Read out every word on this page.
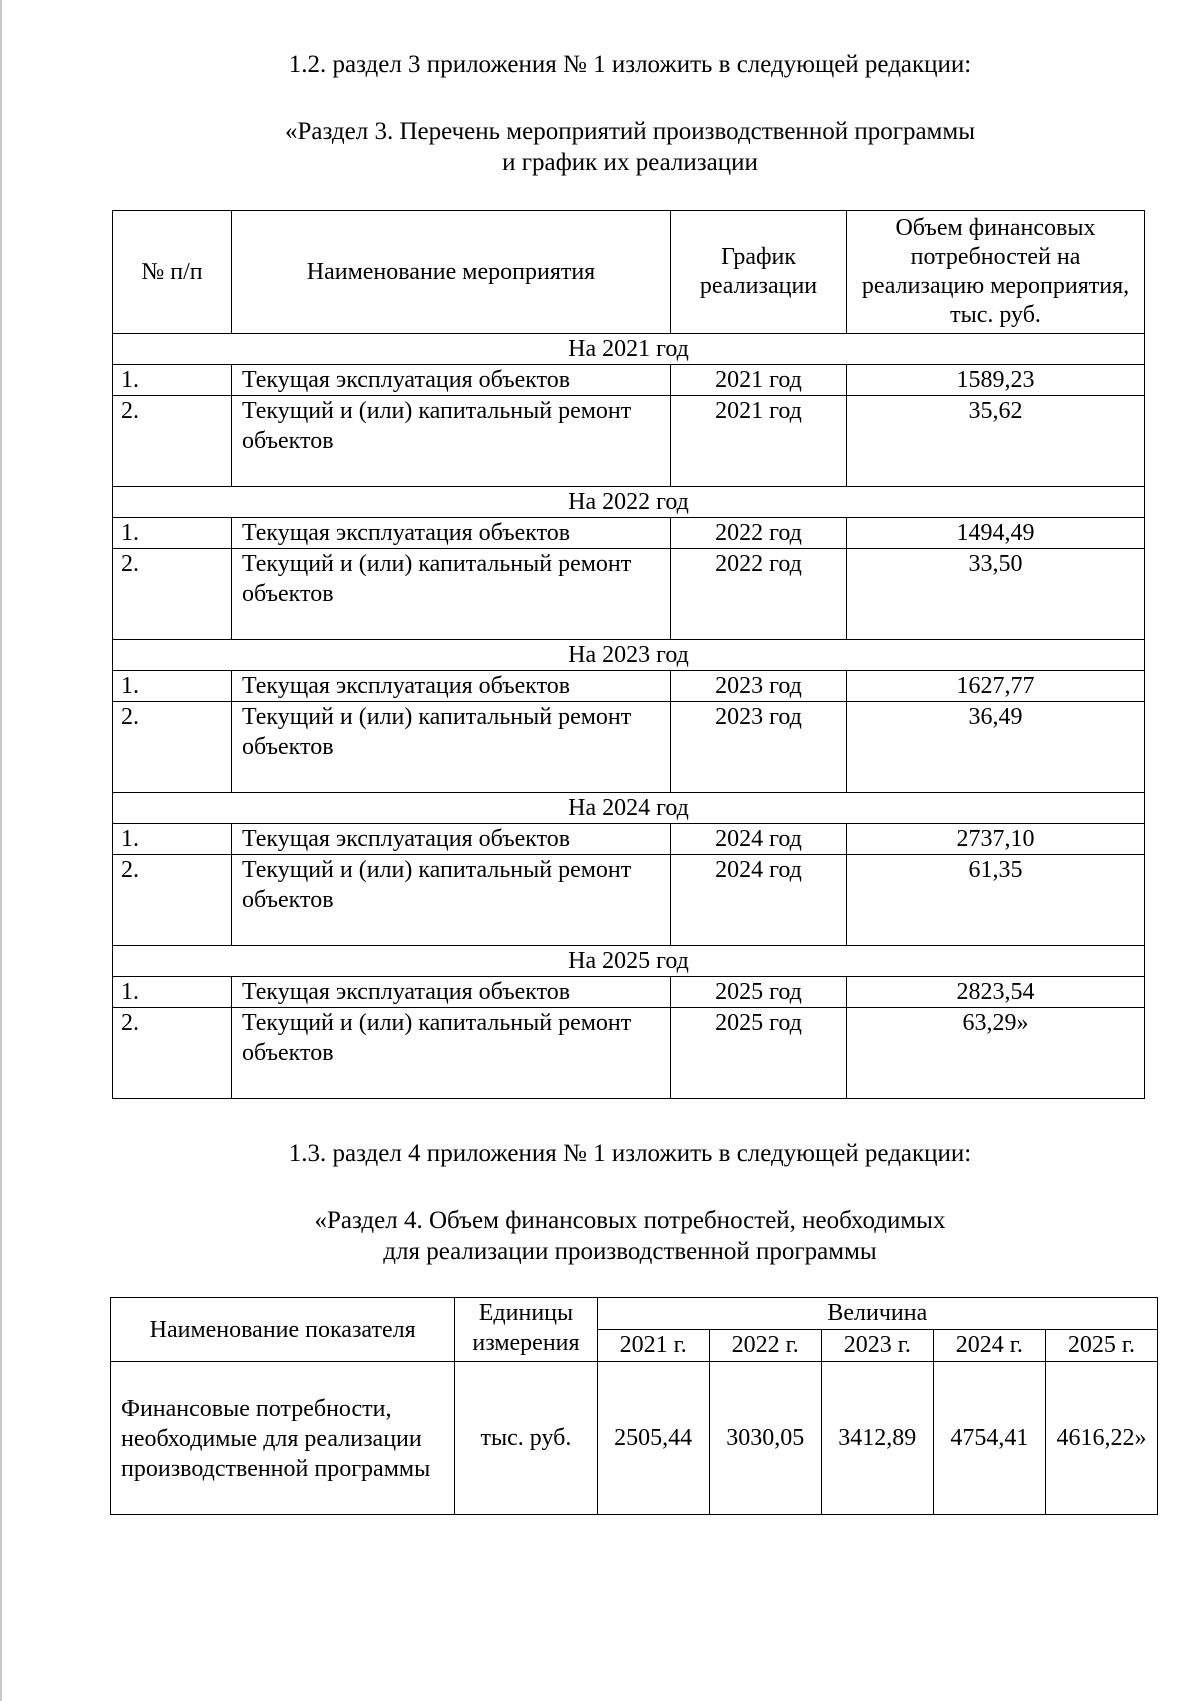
1.2. раздел 3 приложения № 1 изложить в следующей редакции:
«Раздел 3. Перечень мероприятий производственной программы
и график их реализации
№ п/п	Наименование мероприятия	График реализации	Объем финансовых потребностей на реализацию мероприятия, тыс. руб.
На 2021 год			
1.	Текущая эксплуатация объектов	2021 год	1589,23
2.	Текущий и (или) капитальный ремонт объектов	2021 год	35,62
На 2022 год			
1.	Текущая эксплуатация объектов	2022 год	1494,49
2.	Текущий и (или) капитальный ремонт объектов	2022 год	33,50
На 2023 год			
1.	Текущая эксплуатация объектов	2023 год	1627,77
2.	Текущий и (или) капитальный ремонт объектов	2023 год	36,49
На 2024 год			
1.	Текущая эксплуатация объектов	2024 год	2737,10
2.	Текущий и (или) капитальный ремонт объектов	2024 год	61,35
На 2025 год			
1.	Текущая эксплуатация объектов	2025 год	2823,54
2.	Текущий и (или) капитальный ремонт объектов	2025 год	63,29»
1.3. раздел 4 приложения № 1 изложить в следующей редакции:
«Раздел 4. Объем финансовых потребностей, необходимых
для реализации производственной программы
Наименование показателя	Единицы измерения	Величина				
		2021 г.	2022 г.	2023 г.	2024 г.	2025 г.
Финансовые потребности, необходимые для реализации производственной программы	тыс. руб.	2505,44	3030,05	3412,89	4754,41	4616,22»
